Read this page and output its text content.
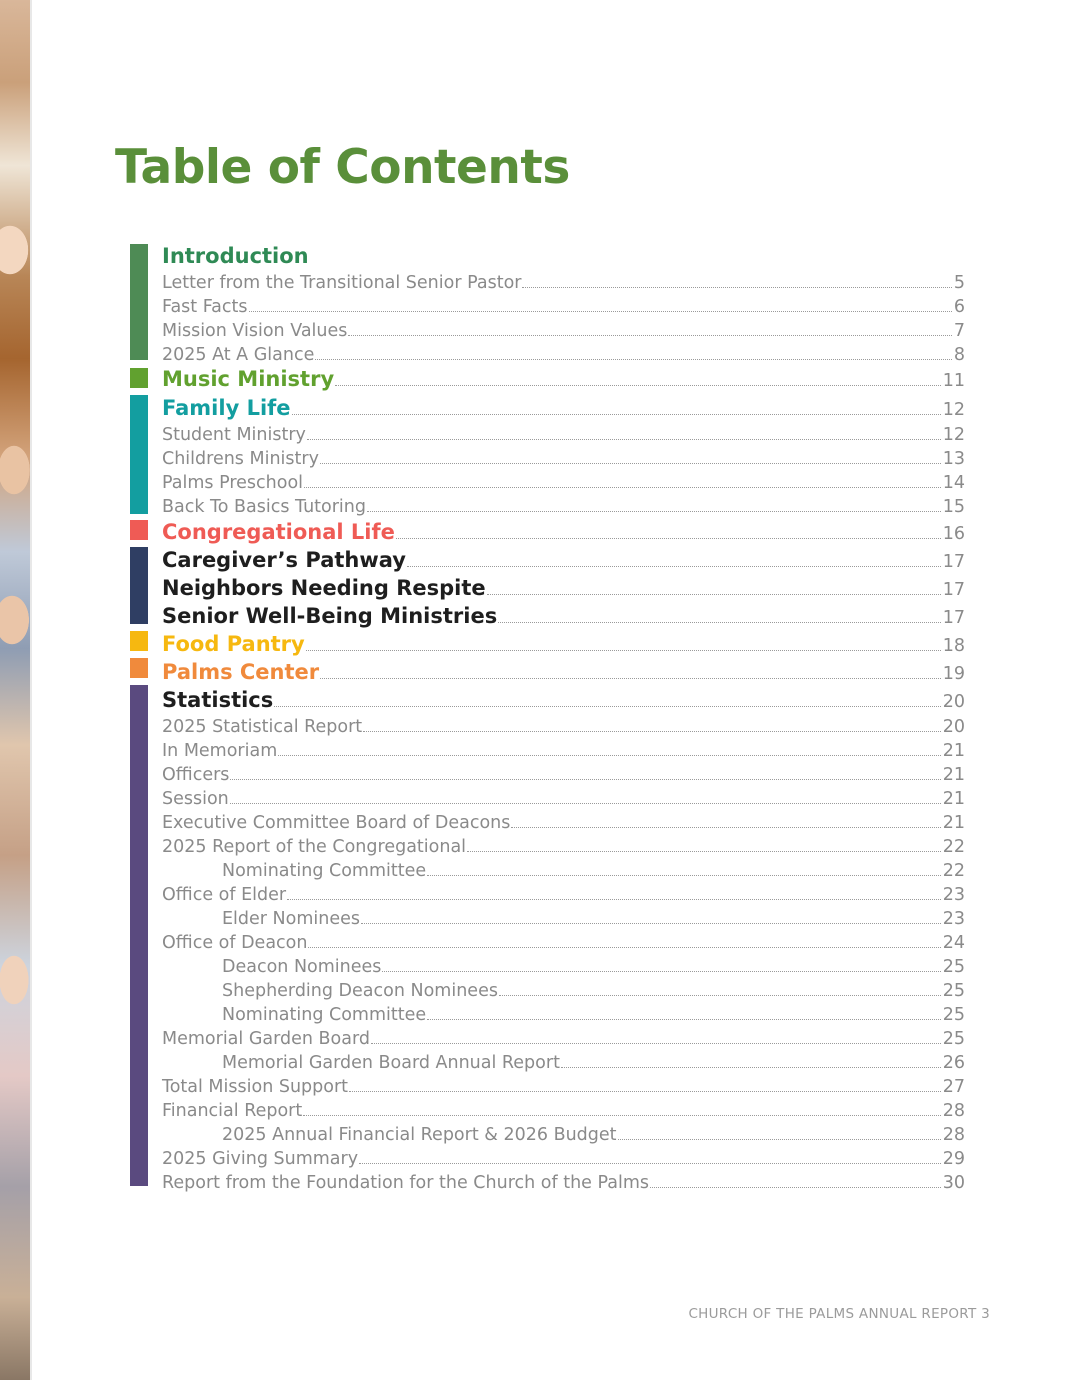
Table of Contents
Introduction
Letter from the Transitional Senior Pastor	5
Fast Facts	6
Mission Vision Values	7
2025 At A Glance	8
Music Ministry	11
Family Life	12
Student Ministry	12
Childrens Ministry	13
Palms Preschool	14
Back To Basics Tutoring	15
Congregational Life	16
Caregiver’s Pathway	17
Neighbors Needing Respite	17
Senior Well-Being Ministries	17
Food Pantry	18
Palms Center	19
Statistics	20
2025 Statistical Report	20
In Memoriam	21
Officers	21
Session	21
Executive Committee Board of Deacons	21
2025 Report of the Congregational	22
Nominating Committee	22
Office of Elder	23
Elder Nominees	23
Office of Deacon	24
Deacon Nominees	25
Shepherding Deacon Nominees	25
Nominating Committee	25
Memorial Garden Board	25
Memorial Garden Board Annual Report	26
Total Mission Support	27
Financial Report	28
2025 Annual Financial Report & 2026 Budget	28
2025 Giving Summary	29
Report from the Foundation for the Church of the Palms	30
CHURCH OF THE PALMS ANNUAL REPORT 3
